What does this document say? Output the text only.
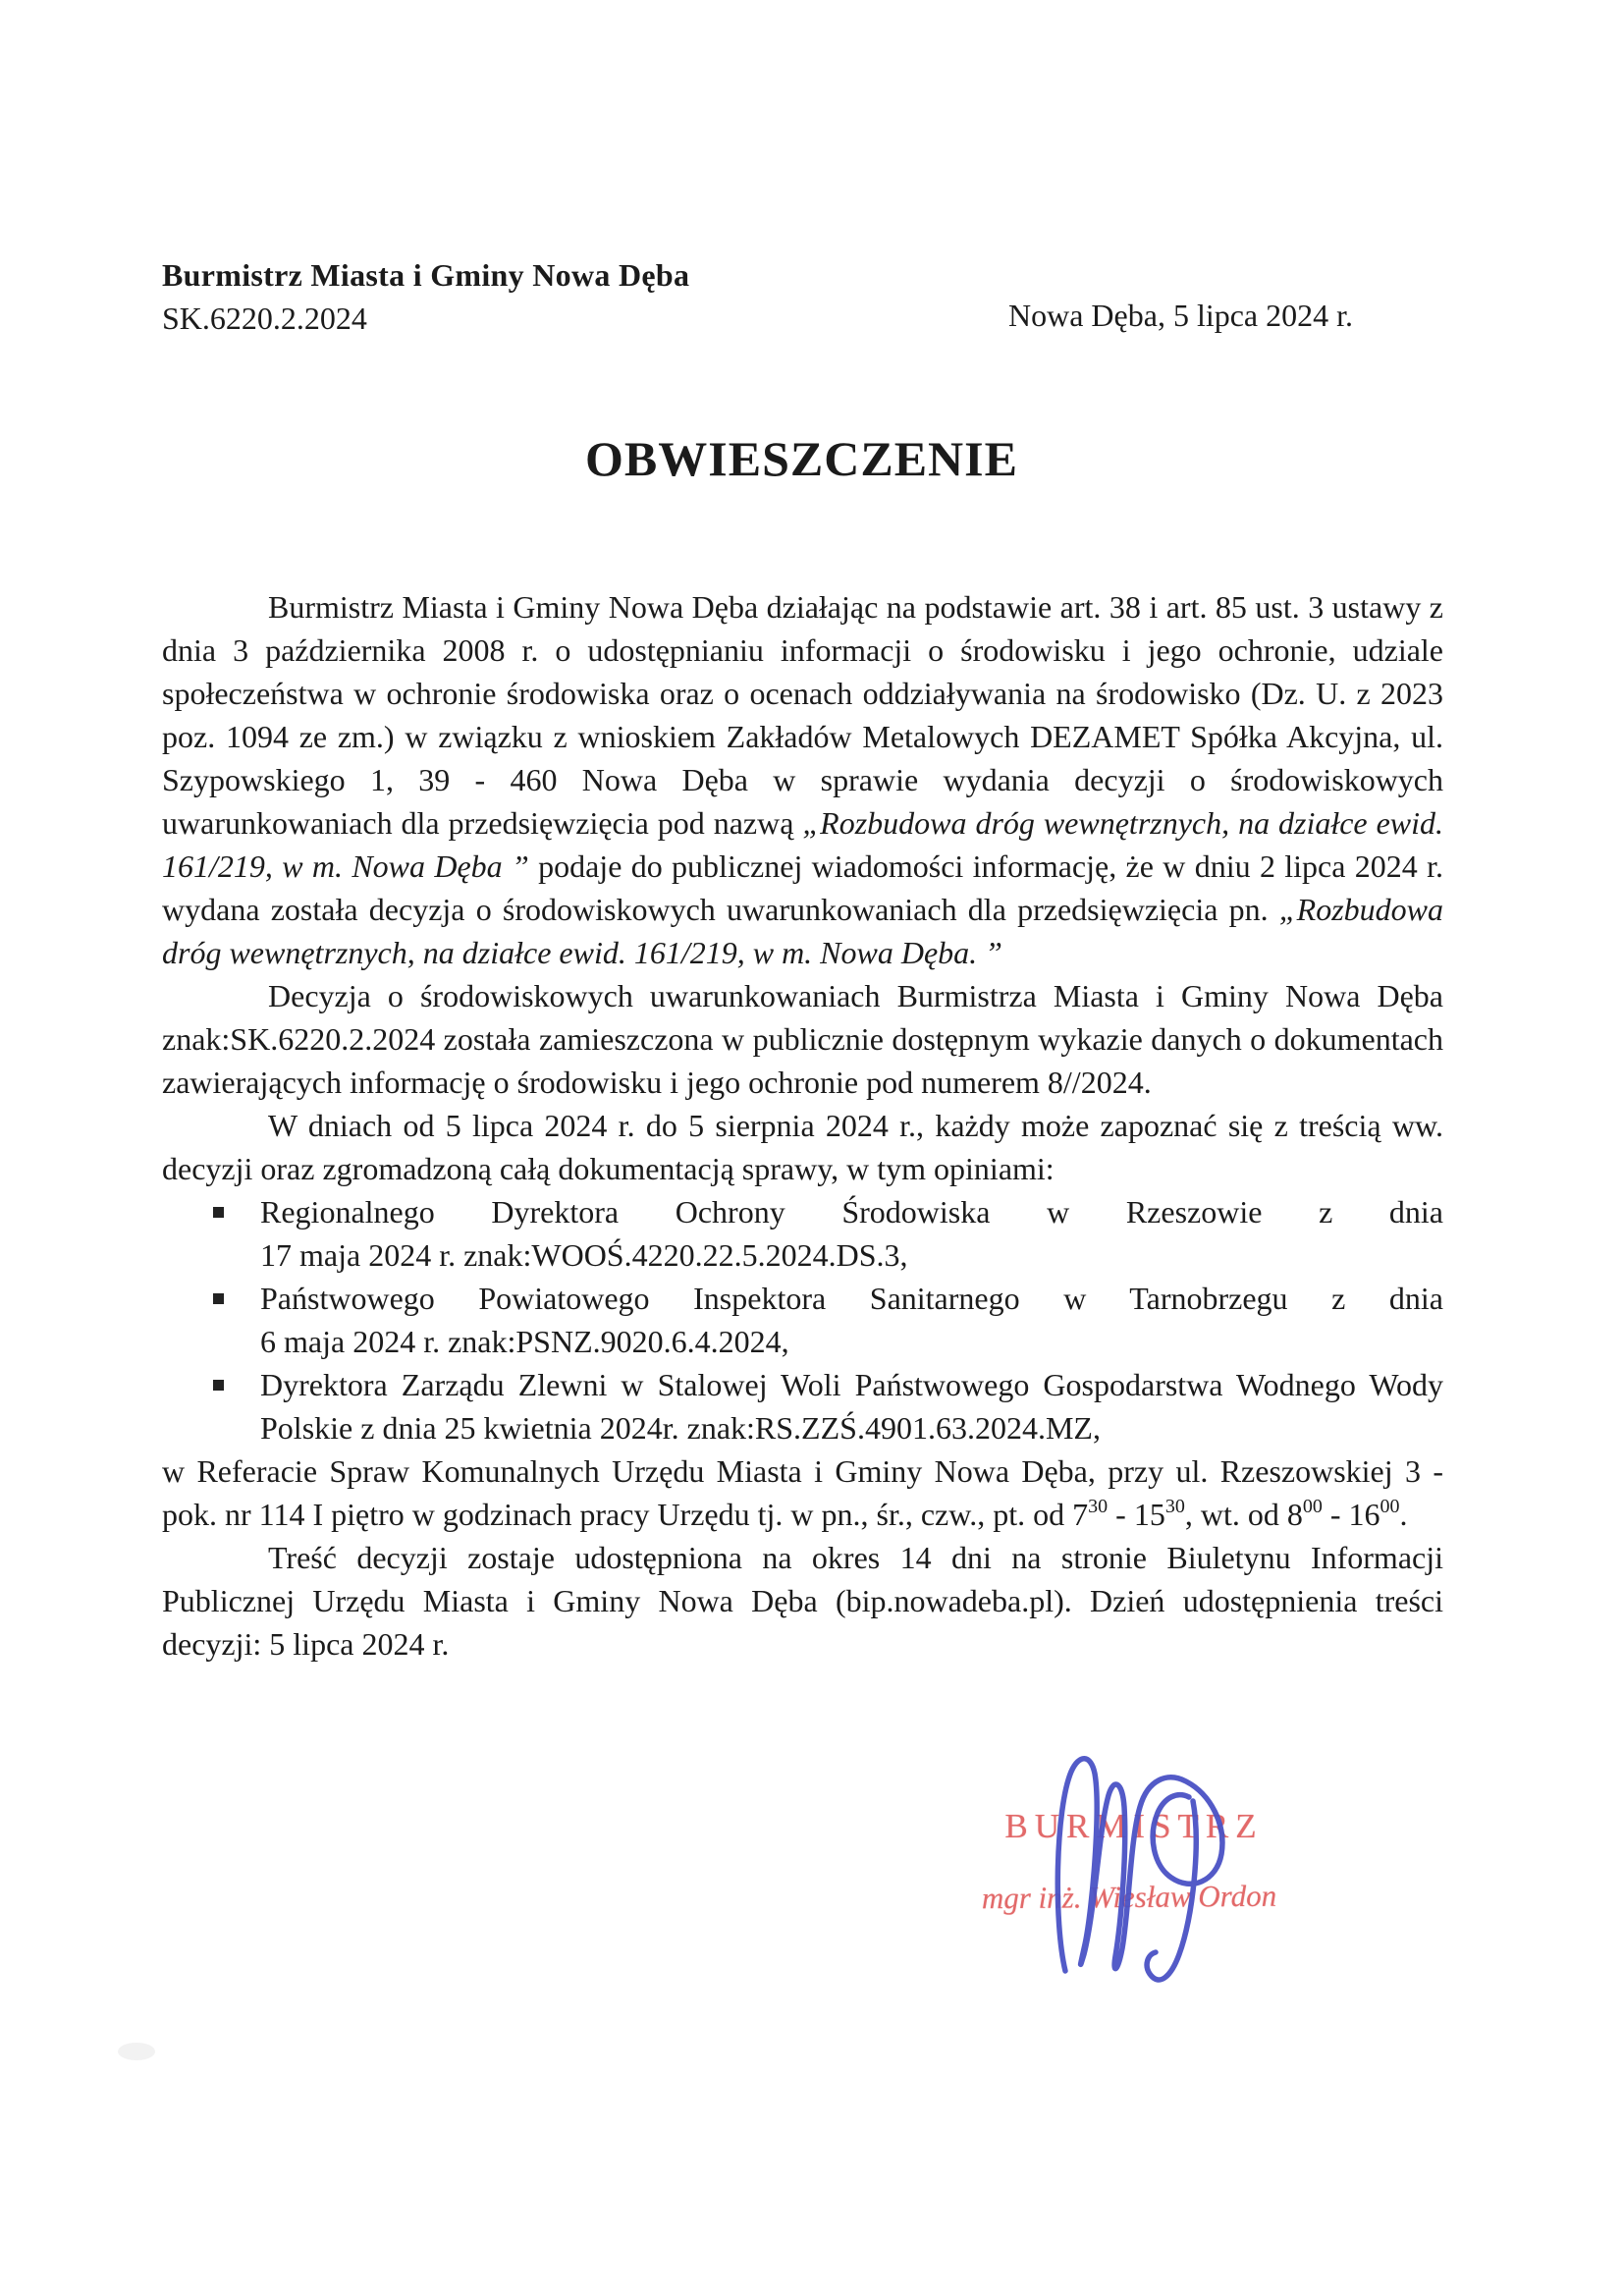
Burmistrz Miasta i Gminy Nowa Dęba
SK.6220.2.2024	Nowa Dęba, 5 lipca 2024 r.
OBWIESZCZENIE

Burmistrz Miasta i Gminy Nowa Dęba działając na podstawie art. 38 i art. 85 ust. 3 ustawy z dnia 3 października 2008 r. o udostępnianiu informacji o środowisku i jego ochronie, udziale społeczeństwa w ochronie środowiska oraz o ocenach oddziaływania na środowisko (Dz. U. z 2023 poz. 1094 ze zm.) w związku z wnioskiem Zakładów Metalowych DEZAMET Spółka Akcyjna, ul. Szypowskiego 1, 39 - 460 Nowa Dęba w sprawie wydania decyzji o środowiskowych uwarunkowaniach dla przedsięwzięcia pod nazwą „Rozbudowa dróg wewnętrznych, na działce ewid. 161/219, w m. Nowa Dęba ” podaje do publicznej wiadomości informację, że w dniu 2 lipca 2024 r. wydana została decyzja o środowiskowych uwarunkowaniach dla przedsięwzięcia pn. „Rozbudowa dróg wewnętrznych, na działce ewid. 161/219, w m. Nowa Dęba. ”

Decyzja o środowiskowych uwarunkowaniach Burmistrza Miasta i Gminy Nowa Dęba znak:SK.6220.2.2024 została zamieszczona w publicznie dostępnym wykazie danych o dokumentach zawierających informację o środowisku i jego ochronie pod numerem 8//2024.

W dniach od 5 lipca 2024 r. do 5 sierpnia 2024 r., każdy może zapoznać się z treścią ww. decyzji oraz zgromadzoną całą dokumentacją sprawy, w tym opiniami:

Regionalnego Dyrektora Ochrony Środowiska w Rzeszowie z dnia
17 maja 2024 r. znak:WOOŚ.4220.22.5.2024.DS.3,
Państwowego Powiatowego Inspektora Sanitarnego w Tarnobrzegu z dnia
6 maja 2024 r. znak:PSNZ.9020.6.4.2024,
Dyrektora Zarządu Zlewni w Stalowej Woli Państwowego Gospodarstwa Wodnego Wody
Polskie z dnia 25 kwietnia 2024r. znak:RS.ZZŚ.4901.63.2024.MZ,

w Referacie Spraw Komunalnych Urzędu Miasta i Gminy Nowa Dęba, przy ul. Rzeszowskiej 3 - pok. nr 114 I piętro w godzinach pracy Urzędu tj. w pn., śr., czw., pt. od $7^{30} - 15^{30}$, wt. od $8^{00} - 16^{00}$.

Treść decyzji zostaje udostępniona na okres 14 dni na stronie Biuletynu Informacji Publicznej Urzędu Miasta i Gminy Nowa Dęba (bip.nowadeba.pl). Dzień udostępnienia treści decyzji: 5 lipca 2024 r.

BURMISTRZ
mgr inż. Wiesław Ordon
